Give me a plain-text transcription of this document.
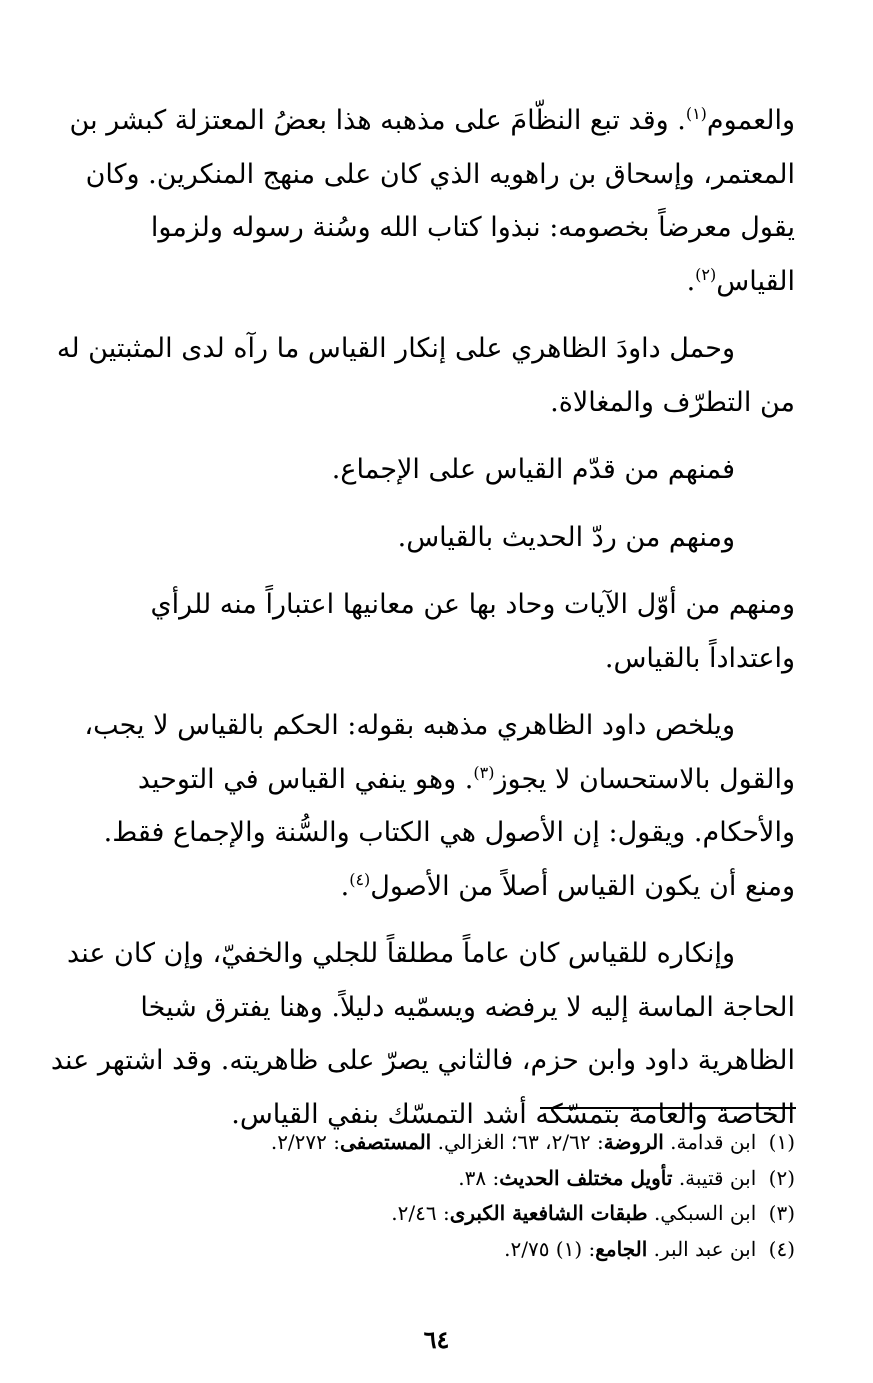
والعموم$^{(١)}$. وقد تبع النظّامَ على مذهبه هذا بعضُ المعتزلة كبشر بن
المعتمر، وإسحاق بن راهويه الذي كان على منهج المنكرين. وكان
يقول معرضاً بخصومه: نبذوا كتاب الله وسُنة رسوله ولزموا
القياس$^{(٢)}$.

وحمل داودَ الظاهري على إنكار القياس ما رآه لدى المثبتين له
من التطرّف والمغالاة.

فمنهم من قدّم القياس على الإجماع.

ومنهم من ردّ الحديث بالقياس.

ومنهم من أوّل الآيات وحاد بها عن معانيها اعتباراً منه للرأي
واعتداداً بالقياس.

ويلخص داود الظاهري مذهبه بقوله: الحكم بالقياس لا يجب،
والقول بالاستحسان لا يجوز$^{(٣)}$. وهو ينفي القياس في التوحيد
والأحكام. ويقول: إن الأصول هي الكتاب والسُّنة والإجماع فقط.
ومنع أن يكون القياس أصلاً من الأصول$^{(٤)}$.

وإنكاره للقياس كان عاماً مطلقاً للجلي والخفيّ، وإن كان عند
الحاجة الماسة إليه لا يرفضه ويسمّيه دليلاً. وهنا يفترق شيخا
الظاهرية داود وابن حزم، فالثاني يصرّ على ظاهريته. وقد اشتهر عند
الخاصة والعامة بتمسّكه أشد التمسّك بنفي القياس.

(١) ابن قدامة. الروضة: ٢/٦٢، ٦٣؛ الغزالي. المستصفى: ٢/٢٧٢.

(٢) ابن قتيبة. تأويل مختلف الحديث: ٣٨.

(٣) ابن السبكي. طبقات الشافعية الكبرى: ٢/٤٦.

(٤) ابن عبد البر. الجامع: (١) ٢/٧٥.

٦٤
